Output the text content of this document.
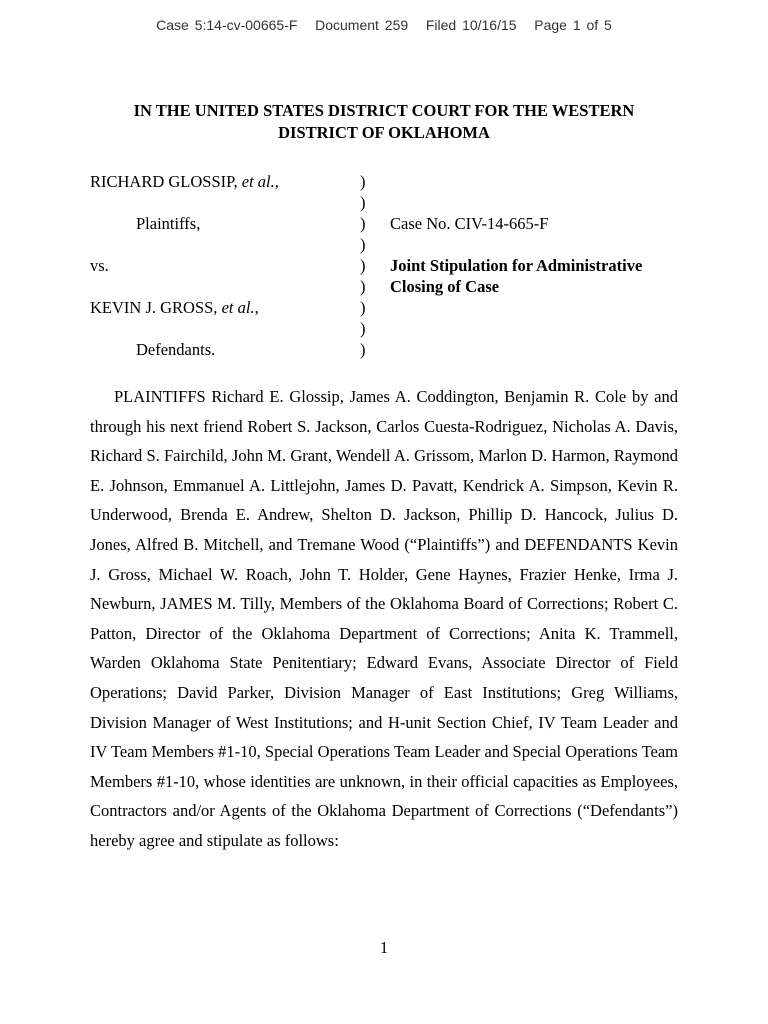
Case 5:14-cv-00665-F Document 259 Filed 10/16/15 Page 1 of 5
IN THE UNITED STATES DISTRICT COURT FOR THE WESTERN
DISTRICT OF OKLAHOMA
RICHARD GLOSSIP, et al.,
Plaintiffs,
vs.
KEVIN J. GROSS, et al.,
Defendants.
)
)
)
)
)
)
)
)
)
Case No. CIV-14-665-F
Joint Stipulation for Administrative
Closing of Case
PLAINTIFFS Richard E. Glossip, James A. Coddington, Benjamin R. Cole by and through his next friend Robert S. Jackson, Carlos Cuesta-Rodriguez, Nicholas A. Davis, Richard S. Fairchild, John M. Grant, Wendell A. Grissom, Marlon D. Harmon, Raymond E. Johnson, Emmanuel A. Littlejohn, James D. Pavatt, Kendrick A. Simpson, Kevin R. Underwood, Brenda E. Andrew, Shelton D. Jackson, Phillip D. Hancock, Julius D. Jones, Alfred B. Mitchell, and Tremane Wood (“Plaintiffs”) and DEFENDANTS Kevin J. Gross, Michael W. Roach, John T. Holder, Gene Haynes, Frazier Henke, Irma J. Newburn, JAMES M. Tilly, Members of the Oklahoma Board of Corrections; Robert C. Patton, Director of the Oklahoma Department of Corrections; Anita K. Trammell, Warden Oklahoma State Penitentiary; Edward Evans, Associate Director of Field Operations; David Parker, Division Manager of East Institutions; Greg Williams, Division Manager of West Institutions; and H-unit Section Chief, IV Team Leader and IV Team Members #1-10, Special Operations Team Leader and Special Operations Team Members #1-10, whose identities are unknown, in their official capacities as Employees, Contractors and/or Agents of the Oklahoma Department of Corrections (“Defendants”) hereby agree and stipulate as follows:
1
